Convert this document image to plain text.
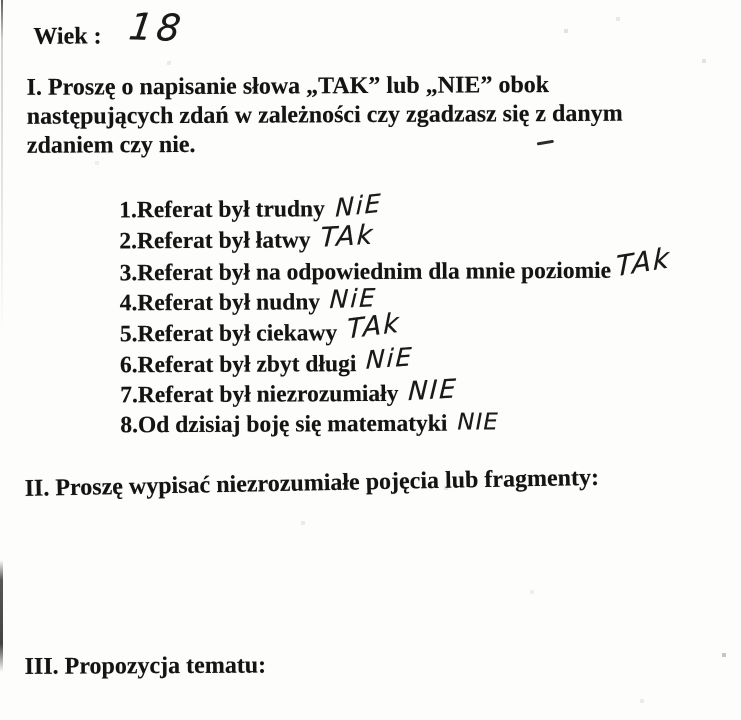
Wiek : 18
I. Proszę o napisanie słowa „TAK” lub „NIE” obok
następujących zdań w zależności czy zgadzasz się z danym
zdaniem czy nie.
1.Referat był trudny NiE
2.Referat był łatwy TAk
3.Referat był na odpowiednim dla mnie poziomie TAk
4.Referat był nudny NiE
5.Referat był ciekawy TAk
6.Referat był zbyt długi NiE
7.Referat był niezrozumiały NIE
8.Od dzisiaj boję się matematyki NIE
II. Proszę wypisać niezrozumiałe pojęcia lub fragmenty:
III. Propozycja tematu:
